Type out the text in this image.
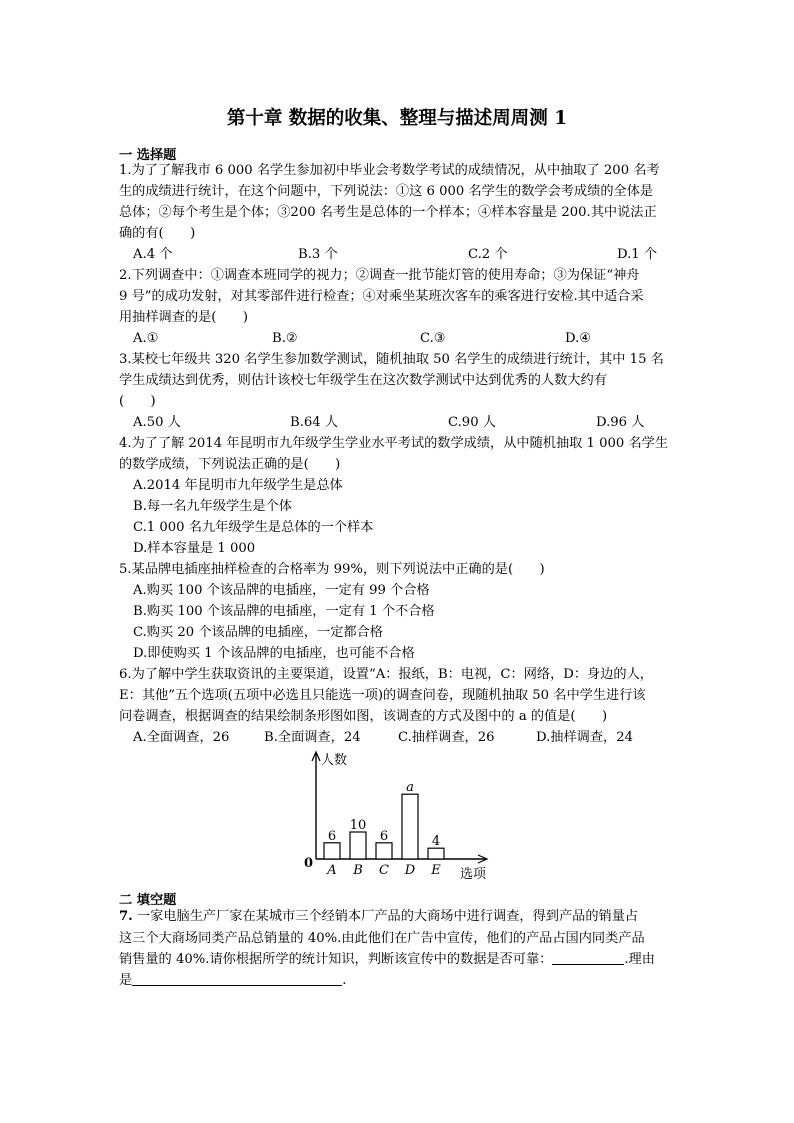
第十章 数据的收集、整理与描述周周测 1
一 选择题
1.为了了解我市 6 000 名学生参加初中毕业会考数学考试的成绩情况，从中抽取了 200 名考
生的成绩进行统计，在这个问题中，下列说法：①这 6 000 名学生的数学会考成绩的全体是
总体；②每个考生是个体；③200 名考生是总体的一个样本；④样本容量是 200.其中说法正
确的有(　　)
A.4 个	B.3 个	C.2 个	D.1 个
2.下列调查中：①调查本班同学的视力；②调查一批节能灯管的使用寿命；③为保证“神舟
9 号”的成功发射，对其零部件进行检查；④对乘坐某班次客车的乘客进行安检.其中适合采
用抽样调查的是(　　)
A.①	B.②	C.③	D.④
3.某校七年级共 320 名学生参加数学测试，随机抽取 50 名学生的成绩进行统计，其中 15 名
学生成绩达到优秀，则估计该校七年级学生在这次数学测试中达到优秀的人数大约有
(　　)
A.50 人	B.64 人	C.90 人	D.96 人
4.为了了解 2014 年昆明市九年级学生学业水平考试的数学成绩，从中随机抽取 1 000 名学生
的数学成绩，下列说法正确的是(　　)
A.2014 年昆明市九年级学生是总体
B.每一名九年级学生是个体
C.1 000 名九年级学生是总体的一个样本
D.样本容量是 1 000
5.某品牌电插座抽样检查的合格率为 99%，则下列说法中正确的是(　　)
A.购买 100 个该品牌的电插座，一定有 99 个合格
B.购买 100 个该品牌的电插座，一定有 1 个不合格
C.购买 20 个该品牌的电插座，一定都合格
D.即使购买 1 个该品牌的电插座，也可能不合格
6.为了解中学生获取资讯的主要渠道，设置“A：报纸，B：电视，C：网络，D：身边的人，
E：其他”五个选项(五项中必选且只能选一项)的调查问卷，现随机抽取 50 名中学生进行该
问卷调查，根据调查的结果绘制条形图如图，该调查的方式及图中的 a 的值是(　　)
A.全面调查，26	B.全面调查，24	C.抽样调查，26	D.抽样调查，24
人数
选项
0
6
A
10
B
6
C
a
D
4
E
二 填空题
7. 一家电脑生产厂家在某城市三个经销本厂产品的大商场中进行调查，得到产品的销量占
这三个大商场同类产品总销量的 40%.由此他们在广告中宣传，他们的产品占国内同类产品
销售量的 40%.请你根据所学的统计知识，判断该宣传中的数据是否可靠：	.理由
是	.
